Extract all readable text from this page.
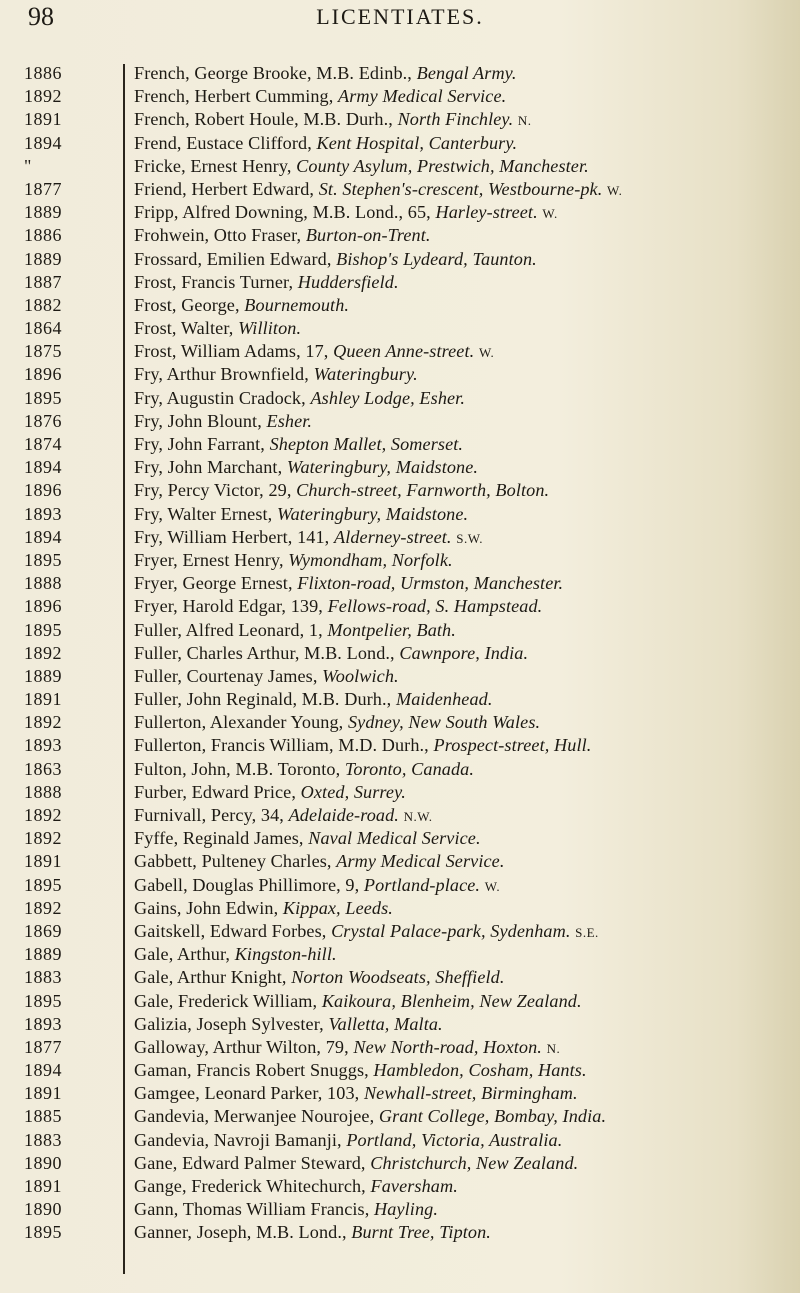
98	LICENTIATES.
1886	French, George Brooke, M.B. Edinb., Bengal Army.
1892	French, Herbert Cumming, Army Medical Service.
1891	French, Robert Houle, M.B. Durh., North Finchley. N.
1894	Frend, Eustace Clifford, Kent Hospital, Canterbury.
"	Fricke, Ernest Henry, County Asylum, Prestwich, Manchester.
1877	Friend, Herbert Edward, St. Stephen's-crescent, Westbourne-pk. W.
1889	Fripp, Alfred Downing, M.B. Lond., 65, Harley-street. W.
1886	Frohwein, Otto Fraser, Burton-on-Trent.
1889	Frossard, Emilien Edward, Bishop's Lydeard, Taunton.
1887	Frost, Francis Turner, Huddersfield.
1882	Frost, George, Bournemouth.
1864	Frost, Walter, Williton.
1875	Frost, William Adams, 17, Queen Anne-street. W.
1896	Fry, Arthur Brownfield, Wateringbury.
1895	Fry, Augustin Cradock, Ashley Lodge, Esher.
1876	Fry, John Blount, Esher.
1874	Fry, John Farrant, Shepton Mallet, Somerset.
1894	Fry, John Marchant, Wateringbury, Maidstone.
1896	Fry, Percy Victor, 29, Church-street, Farnworth, Bolton.
1893	Fry, Walter Ernest, Wateringbury, Maidstone.
1894	Fry, William Herbert, 141, Alderney-street. S.W.
1895	Fryer, Ernest Henry, Wymondham, Norfolk.
1888	Fryer, George Ernest, Flixton-road, Urmston, Manchester.
1896	Fryer, Harold Edgar, 139, Fellows-road, S. Hampstead.
1895	Fuller, Alfred Leonard, 1, Montpelier, Bath.
1892	Fuller, Charles Arthur, M.B. Lond., Cawnpore, India.
1889	Fuller, Courtenay James, Woolwich.
1891	Fuller, John Reginald, M.B. Durh., Maidenhead.
1892	Fullerton, Alexander Young, Sydney, New South Wales.
1893	Fullerton, Francis William, M.D. Durh., Prospect-street, Hull.
1863	Fulton, John, M.B. Toronto, Toronto, Canada.
1888	Furber, Edward Price, Oxted, Surrey.
1892	Furnivall, Percy, 34, Adelaide-road. N.W.
1892	Fyffe, Reginald James, Naval Medical Service.
1891	Gabbett, Pulteney Charles, Army Medical Service.
1895	Gabell, Douglas Phillimore, 9, Portland-place. W.
1892	Gains, John Edwin, Kippax, Leeds.
1869	Gaitskell, Edward Forbes, Crystal Palace-park, Sydenham. S.E.
1889	Gale, Arthur, Kingston-hill.
1883	Gale, Arthur Knight, Norton Woodseats, Sheffield.
1895	Gale, Frederick William, Kaikoura, Blenheim, New Zealand.
1893	Galizia, Joseph Sylvester, Valletta, Malta.
1877	Galloway, Arthur Wilton, 79, New North-road, Hoxton. N.
1894	Gaman, Francis Robert Snuggs, Hambledon, Cosham, Hants.
1891	Gamgee, Leonard Parker, 103, Newhall-street, Birmingham.
1885	Gandevia, Merwanjee Nourojee, Grant College, Bombay, India.
1883	Gandevia, Navroji Bamanji, Portland, Victoria, Australia.
1890	Gane, Edward Palmer Steward, Christchurch, New Zealand.
1891	Gange, Frederick Whitechurch, Faversham.
1890	Gann, Thomas William Francis, Hayling.
1895	Ganner, Joseph, M.B. Lond., Burnt Tree, Tipton.
